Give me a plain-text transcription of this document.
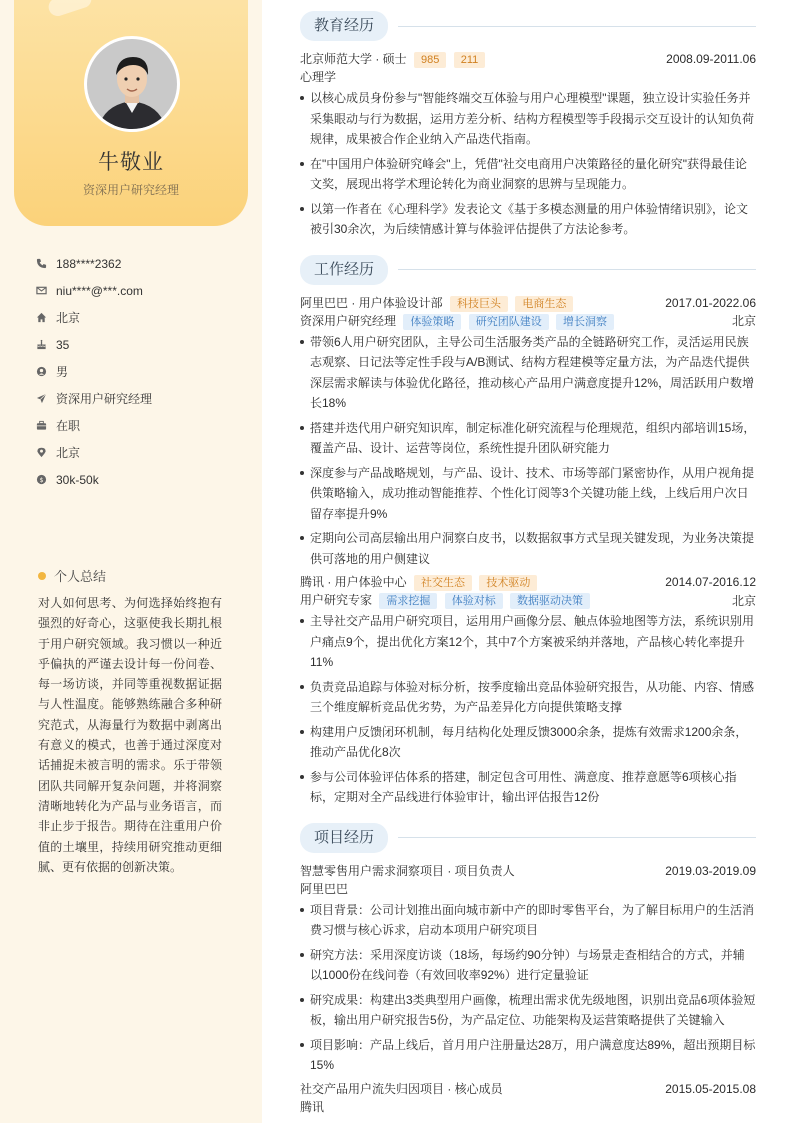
牛敬业
资深用户研究经理
188****2362
niu****@***.com
北京
35
男
资深用户研究经理
在职
北京
$ 30k-50k
个人总结
对人如何思考、为何选择始终抱有强烈的好奇心，这驱使我长期扎根于用户研究领域。我习惯以一种近乎偏执的严谨去设计每一份问卷、每一场访谈，并同等重视数据证据与人性温度。能够熟练融合多种研究范式，从海量行为数据中剥离出有意义的模式，也善于通过深度对话捕捉未被言明的需求。乐于带领团队共同解开复杂问题，并将洞察清晰地转化为产品与业务语言，而非止步于报告。期待在注重用户价值的土壤里，持续用研究推动更细腻、更有依据的创新决策。
教育经历
北京师范大学 · 硕士 985 211	2008.09-2011.06
心理学
以核心成员身份参与"智能终端交互体验与用户心理模型"课题，独立设计实验任务并采集眼动与行为数据，运用方差分析、结构方程模型等手段揭示交互设计的认知负荷规律，成果被合作企业纳入产品迭代指南。
在"中国用户体验研究峰会"上，凭借"社交电商用户决策路径的量化研究"获得最佳论文奖，展现出将学术理论转化为商业洞察的思辨与呈现能力。
以第一作者在《心理科学》发表论文《基于多模态测量的用户体验情绪识别》，论文被引30余次，为后续情感计算与体验评估提供了方法论参考。
工作经历
阿里巴巴 · 用户体验设计部 科技巨头 电商生态	2017.01-2022.06
资深用户研究经理 体验策略 研究团队建设 增长洞察	北京
带领6人用户研究团队，主导公司生活服务类产品的全链路研究工作，灵活运用民族志观察、日记法等定性手段与A/B测试、结构方程建模等定量方法，为产品迭代提供深层需求解读与体验优化路径，推动核心产品用户满意度提升12%，周活跃用户数增长18%
搭建并迭代用户研究知识库，制定标准化研究流程与伦理规范，组织内部培训15场，覆盖产品、设计、运营等岗位，系统性提升团队研究能力
深度参与产品战略规划，与产品、设计、技术、市场等部门紧密协作，从用户视角提供策略输入，成功推动智能推荐、个性化订阅等3个关键功能上线，上线后用户次日留存率提升9%
定期向公司高层输出用户洞察白皮书，以数据叙事方式呈现关键发现，为业务决策提供可落地的用户侧建议
腾讯 · 用户体验中心 社交生态 技术驱动	2014.07-2016.12
用户研究专家 需求挖掘 体验对标 数据驱动决策	北京
主导社交产品用户研究项目，运用用户画像分层、触点体验地图等方法，系统识别用户痛点9个，提出优化方案12个，其中7个方案被采纳并落地，产品核心转化率提升11%
负责竞品追踪与体验对标分析，按季度输出竞品体验研究报告，从功能、内容、情感三个维度解析竞品优劣势，为产品差异化方向提供策略支撑
构建用户反馈闭环机制，每月结构化处理反馈3000余条，提炼有效需求1200余条，推动产品优化8次
参与公司体验评估体系的搭建，制定包含可用性、满意度、推荐意愿等6项核心指标，定期对全产品线进行体验审计，输出评估报告12份
项目经历
智慧零售用户需求洞察项目 · 项目负责人	2019.03-2019.09
阿里巴巴
项目背景：公司计划推出面向城市新中产的即时零售平台，为了解目标用户的生活消费习惯与核心诉求，启动本项用户研究项目
研究方法：采用深度访谈（18场，每场约90分钟）与场景走查相结合的方式，并辅以1000份在线问卷（有效回收率92%）进行定量验证
研究成果：构建出3类典型用户画像，梳理出需求优先级地图，识别出竞品6项体验短板，输出用户研究报告5份，为产品定位、功能架构及运营策略提供了关键输入
项目影响：产品上线后，首月用户注册量达28万，用户满意度达89%，超出预期目标15%
社交产品用户流失归因项目 · 核心成员	2015.05-2015.08
腾讯
